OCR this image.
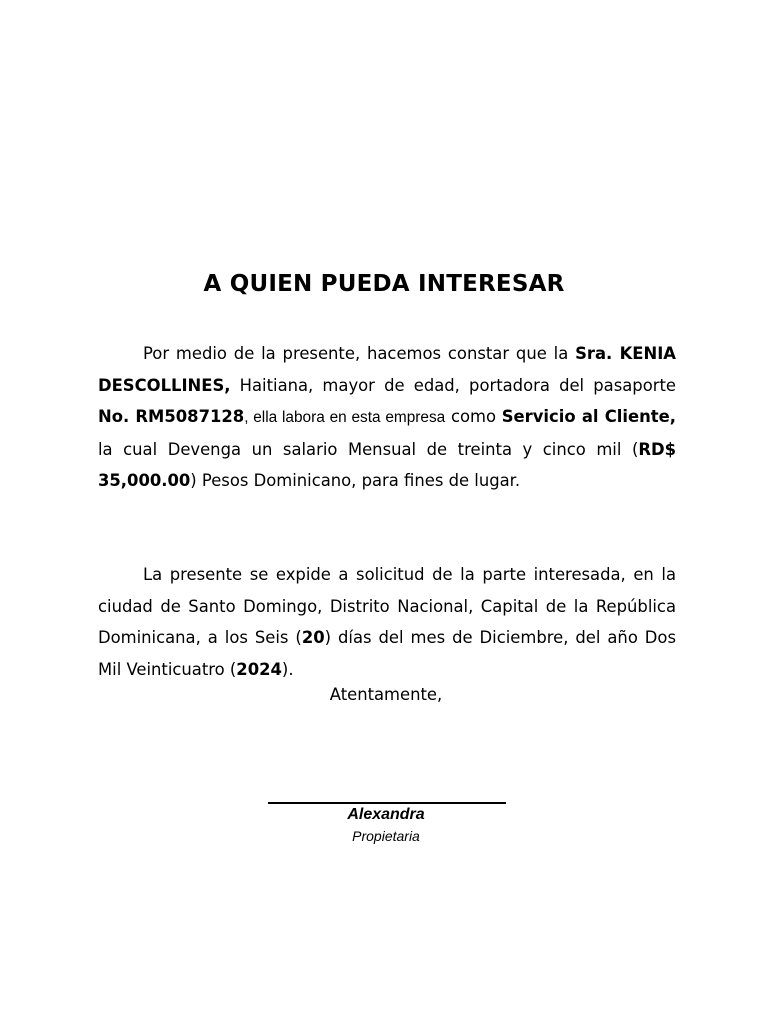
A QUIEN PUEDA INTERESAR

Por medio de la presente, hacemos constar que la Sra. KENIA DESCOLLINES, Haitiana, mayor de edad, portadora del pasaporte No. RM5087128, ella labora en esta empresa como Servicio al Cliente, la cual Devenga un salario Mensual de treinta y cinco mil (RD$ 35,000.00) Pesos Dominicano, para fines de lugar.

La presente se expide a solicitud de la parte interesada, en la ciudad de Santo Domingo, Distrito Nacional, Capital de la República Dominicana, a los Seis (20) días del mes de Diciembre, del año Dos Mil Veinticuatro (2024).

Atentamente,

Alexandra

Propietaria
